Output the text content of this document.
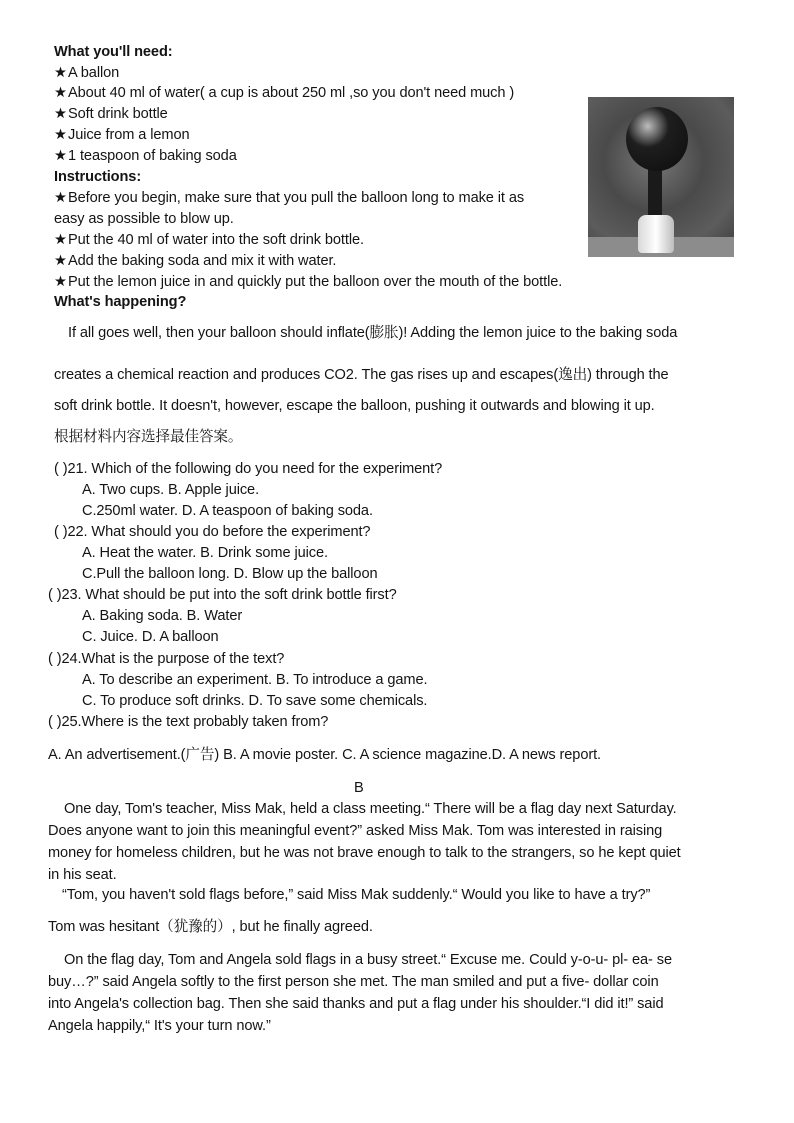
What you'll need:
★A ballon
★About 40 ml of water( a cup is about 250 ml ,so you don't need much )
★Soft drink bottle
★Juice from a lemon
★1 teaspoon of baking soda
Instructions:
★Before you begin, make sure that you pull the balloon long to make it as
easy as possible to blow up.
★Put the 40 ml of water into the soft drink bottle.
★Add the baking soda and mix it with water.
★Put the lemon juice in and quickly put the balloon over the mouth of the bottle.
What's happening?
If all goes well, then your balloon should inflate(膨胀)! Adding the lemon juice to the baking soda
creates a chemical reaction and produces CO2. The gas rises up and escapes(逸出) through the
soft drink bottle. It doesn't, however, escape the balloon, pushing it outwards and blowing it up.
根据材料内容选择最佳答案。
( )21. Which of the following do you need for the experiment?
A. Two cups. B. Apple juice.
C.250ml water. D. A teaspoon of baking soda.
( )22. What should you do before the experiment?
A. Heat the water. B. Drink some juice.
C.Pull the balloon long. D. Blow up the balloon
( )23. What should be put into the soft drink bottle first?
A. Baking soda. B. Water
C. Juice. D. A balloon
( )24.What is the purpose of the text?
A. To describe an experiment. B. To introduce a game.
C. To produce soft drinks. D. To save some chemicals.
( )25.Where is the text probably taken from?
A. An advertisement.(广告) B. A movie poster. C. A science magazine.D. A news report.
B
One day, Tom's teacher, Miss Mak, held a class meeting.“ There will be a flag day next Saturday.
Does anyone want to join this meaningful event?” asked Miss Mak. Tom was interested in raising
money for homeless children, but he was not brave enough to talk to the strangers, so he kept quiet
in his seat.
“Tom, you haven't sold flags before,” said Miss Mak suddenly.“ Would you like to have a try?”
Tom was hesitant（犹豫的）, but he finally agreed.
On the flag day, Tom and Angela sold flags in a busy street.“ Excuse me. Could y-o-u- pl- ea- se
buy…?” said Angela softly to the first person she met. The man smiled and put a five- dollar coin
into Angela's collection bag. Then she said thanks and put a flag under his shoulder.“I did it!” said
Angela happily,“ It's your turn now.”
